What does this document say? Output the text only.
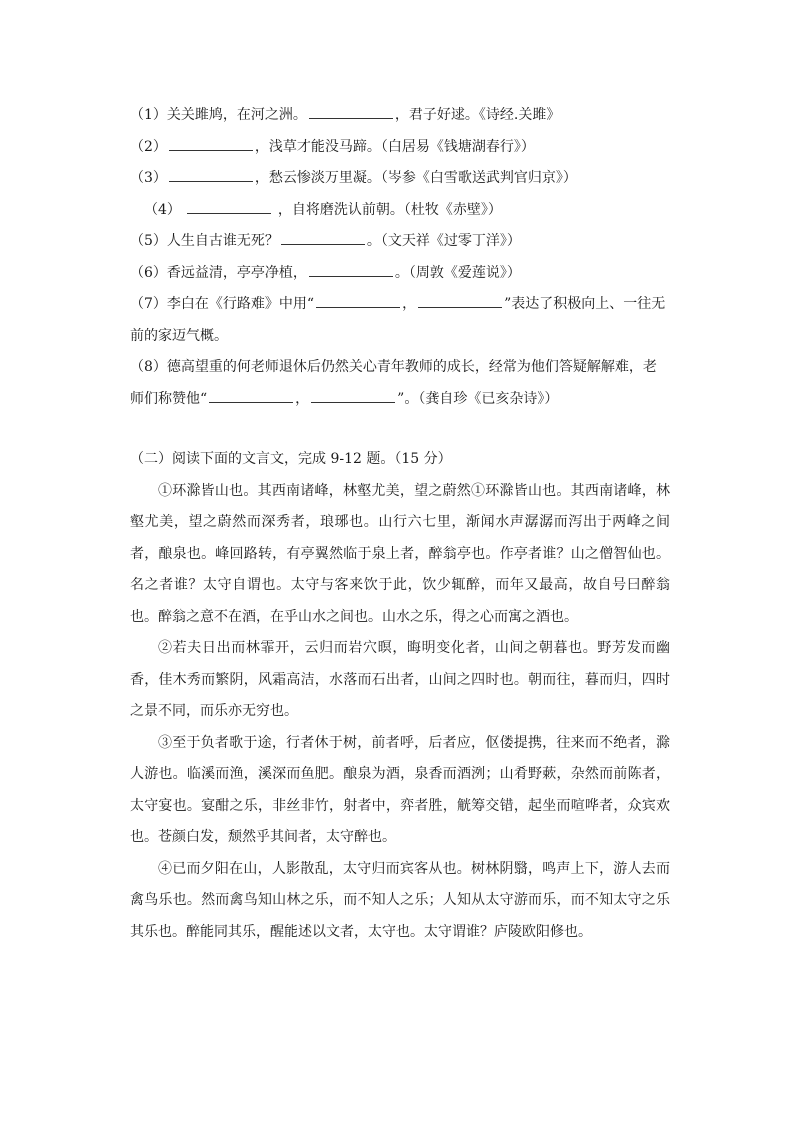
（1）关关雎鸠，在河之洲。	，君子好逑。《诗经.关雎》
（2）	，浅草才能没马蹄。（白居易《钱塘湖春行》）
（3）	，愁云惨淡万里凝。（岑参《白雪歌送武判官归京》）
（4）	，自将磨洗认前朝。（杜牧《赤壁》）
（5）人生自古谁无死？	。（文天祥《过零丁洋》）
（6）香远益清，亭亭净植，	。（周敦《爱莲说》）
（7）李白在《行路难》中用“	，	”表达了积极向上、一往无前的家迈气概。
（8）德高望重的何老师退休后仍然关心青年教师的成长，经常为他们答疑解解难，老师们称赞他“	，	”。（龚自珍《已亥杂诗》）
（二）阅读下面的文言文，完成 9-12 题。（15 分）
①环滁皆山也。其西南诸峰，林壑尤美，望之蔚然①环滁皆山也。其西南诸峰，林壑尤美，望之蔚然而深秀者，琅琊也。山行六七里，渐闻水声潺潺而泻出于两峰之间者，酿泉也。峰回路转，有亭翼然临于泉上者，醉翁亭也。作亭者谁？山之僧智仙也。名之者谁？太守自谓也。太守与客来饮于此，饮少辄醉，而年又最高，故自号曰醉翁也。醉翁之意不在酒，在乎山水之间也。山水之乐，得之心而寓之酒也。
②若夫日出而林霏开，云归而岩穴暝，晦明变化者，山间之朝暮也。野芳发而幽香，佳木秀而繁阴，风霜高洁，水落而石出者，山间之四时也。朝而往，暮而归，四时之景不同，而乐亦无穷也。
③至于负者歌于途，行者休于树，前者呼，后者应，伛偻提携，往来而不绝者，滁人游也。临溪而渔，溪深而鱼肥。酿泉为酒，泉香而酒洌；山肴野蔌，杂然而前陈者，太守宴也。宴酣之乐，非丝非竹，射者中，弈者胜，觥筹交错，起坐而喧哗者，众宾欢也。苍颜白发，颓然乎其间者，太守醉也。
④已而夕阳在山，人影散乱，太守归而宾客从也。树林阴翳，鸣声上下，游人去而禽鸟乐也。然而禽鸟知山林之乐，而不知人之乐；人知从太守游而乐，而不知太守之乐其乐也。醉能同其乐，醒能述以文者，太守也。太守谓谁？庐陵欧阳修也。
